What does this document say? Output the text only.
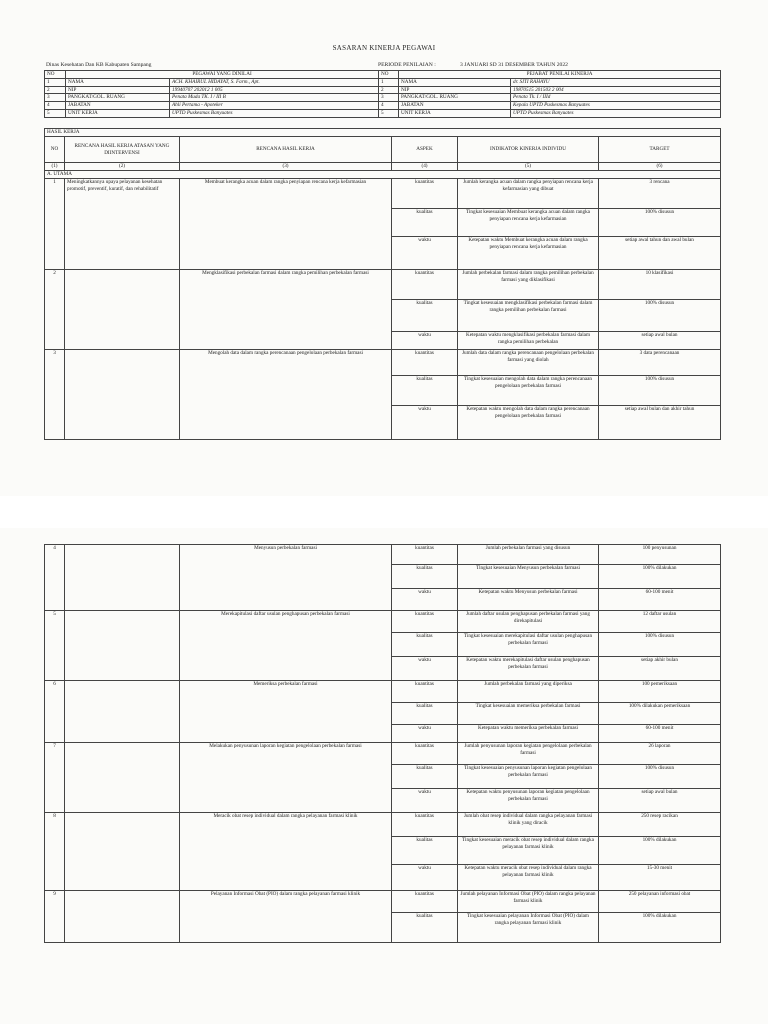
SASARAN KINERJA PEGAWAI
Dinas Kesehatan Dan KB Kabupaten Sampang	PERIODE PENILAIAN :	3 JANUARI SD 31 DESEMBER TAHUN 2022
NO	PEGAWAI YANG DINILAI		NO	PEJABAT PENILAI KINERJA	
1	NAMA	ACH. KHAIRUL HIDAYAT, S. Farm., Apt.	1	NAMA	dr. SITI RAHAYU
2	NIP	19940707 202012 1 005	2	NIP	19870515 201503 2 004
3	PANGKAT/GOL. RUANG	Penata Muda TK. I / III B	3	PANGKAT/GOL. RUANG	Penata Tk. I / IIId
4	JABATAN	Ahli Pertama - Apoteker	4	JABATAN	Kepala UPTD Puskesmas Banyuates
5	UNIT KERJA	UPTD Puskesmas Banyuates	5	UNIT KERJA	UPTD Puskesmas Banyuates
HASIL KERJA					
NO	RENCANA HASIL KERJA ATASAN YANG DIINTERVENSI	RENCANA HASIL KERJA	ASPEK	INDIKATOR KINERJA INDIVIDU	TARGET
(1)	(2)	(3)	(4)	(5)	(6)
A. UTAMA					
1	Meningkatkannya upaya pelayanan kesehatan promotif, preventif, kuratif, dan rehabilitatif	Membuat kerangka acuan dalam rangka penyiapan rencana kerja kefarmasian	kuantitas	Jumlah kerangka acuan dalam rangka penyiapan rencana kerja kefarmasian yang dibuat	3 rencana
			kualitas	Tingkat kesesuaian Membuat kerangka acuan dalam rangka penyiapan rencana kerja kefarmasian	100% disusun
			waktu	Ketepatan waktu Membuat kerangka acuan dalam rangka penyiapan rencana kerja kefarmasian	setiap awal tahun dan awal bulan
2		Mengklasifikasi perbekalan farmasi dalam rangka pemilihan perbekalan farmasi	kuantitas	Jumlah perbekalan farmasi dalam rangka pemilihan perbekalan farmasi yang diklasifikasi	10 klasifikasi
			kualitas	Tingkat kesesuaian mengklasifikasi perbekalan farmasi dalam rangka pemilihan perbekalan farmasi	100% disusun
			waktu	Ketepatan waktu mengklasifikasi perbekalan farmasi dalam rangka pemilihan perbekalan	setiap awal bulan
3		Mengolah data dalam rangka perencanaan pengelolaan perbekalan farmasi	kuantitas	Jumlah data dalam rangka perencanaan pengelolaan perbekalan farmasi yang diolah	3 data perencanaan
			kualitas	Tingkat kesesuaian mengolah data dalam rangka perencanaan pengelolaan perbekalan farmasi	100% disusun
			waktu	Ketepatan waktu mengolah data dalam rangka perencanaan pengelolaan perbekalan farmasi	setiap awal bulan dan akhir tahun
4		Menyusun perbekalan farmasi	kuantitas	Jumlah perbekalan farmasi yang disusun	100 penyusunan
			kualitas	Tingkat kesesuaian Menyusun perbekalan farmasi	100% dilakukan
			waktu	Ketepatan waktu Menyusun perbekalan farmasi	60-100 menit
5		Merekapitulasi daftar usulan penghapusan perbekalan farmasi	kuantitas	Jumlah daftar usulan penghapusan perbekalan farmasi yang direkapitulasi	12 daftar usulan
			kualitas	Tingkat kesesuaian merekapitulasi daftar usulan penghapusan perbekalan farmasi	100% disusun
			waktu	Ketepatan waktu merekapitulasi daftar usulan penghapusan perbekalan farmasi	setiap akhir bulan
6		Memeriksa perbekalan farmasi	kuantitas	Jumlah perbekalan farmasi yang diperiksa	100 pemeriksaan
			kualitas	Tingkat kesesuaian memeriksa perbekalan farmasi	100% dilakukan pemeriksaan
			waktu	Ketepatan waktu memeriksa perbekalan farmasi	60-100 menit
7		Melakukan penyusunan laporan kegiatan pengelolaan perbekalan farmasi	kuantitas	Jumlah penyusunan laporan kegiatan pengelolaan perbekalan farmasi	26 laporan
			kualitas	Tingkat kesesuaian penyusunan laporan kegiatan pengelolaan perbekalan farmasi	100% disusun
			waktu	Ketepatan waktu penyusunan laporan kegiatan pengelolaan perbekalan farmasi	setiap awal bulan
8		Meracik obat resep individual dalam rangka pelayanan farmasi klinik	kuantitas	Jumlah obat resep individual dalam rangka pelayanan farmasi klinik yang diracik	250 resep racikan
			kualitas	Tingkat kesesuaian meracik obat resep individual dalam rangka pelayanan farmasi klinik	100% dilakukan
			waktu	Ketepatan waktu meracik obat resep individual dalam rangka pelayanan farmasi klinik	15-30 menit
9		Pelayanan Informasi Obat (PIO) dalam rangka pelayanan farmasi klinik	kuantitas	Jumlah pelayanan Informasi Obat (PIO) dalam rangka pelayanan farmasi klinik	250 pelayanan informasi obat
			kualitas	Tingkat kesesuaian pelayanan Informasi Obat (PIO) dalam rangka pelayanan farmasi klinik	100% dilakukan
